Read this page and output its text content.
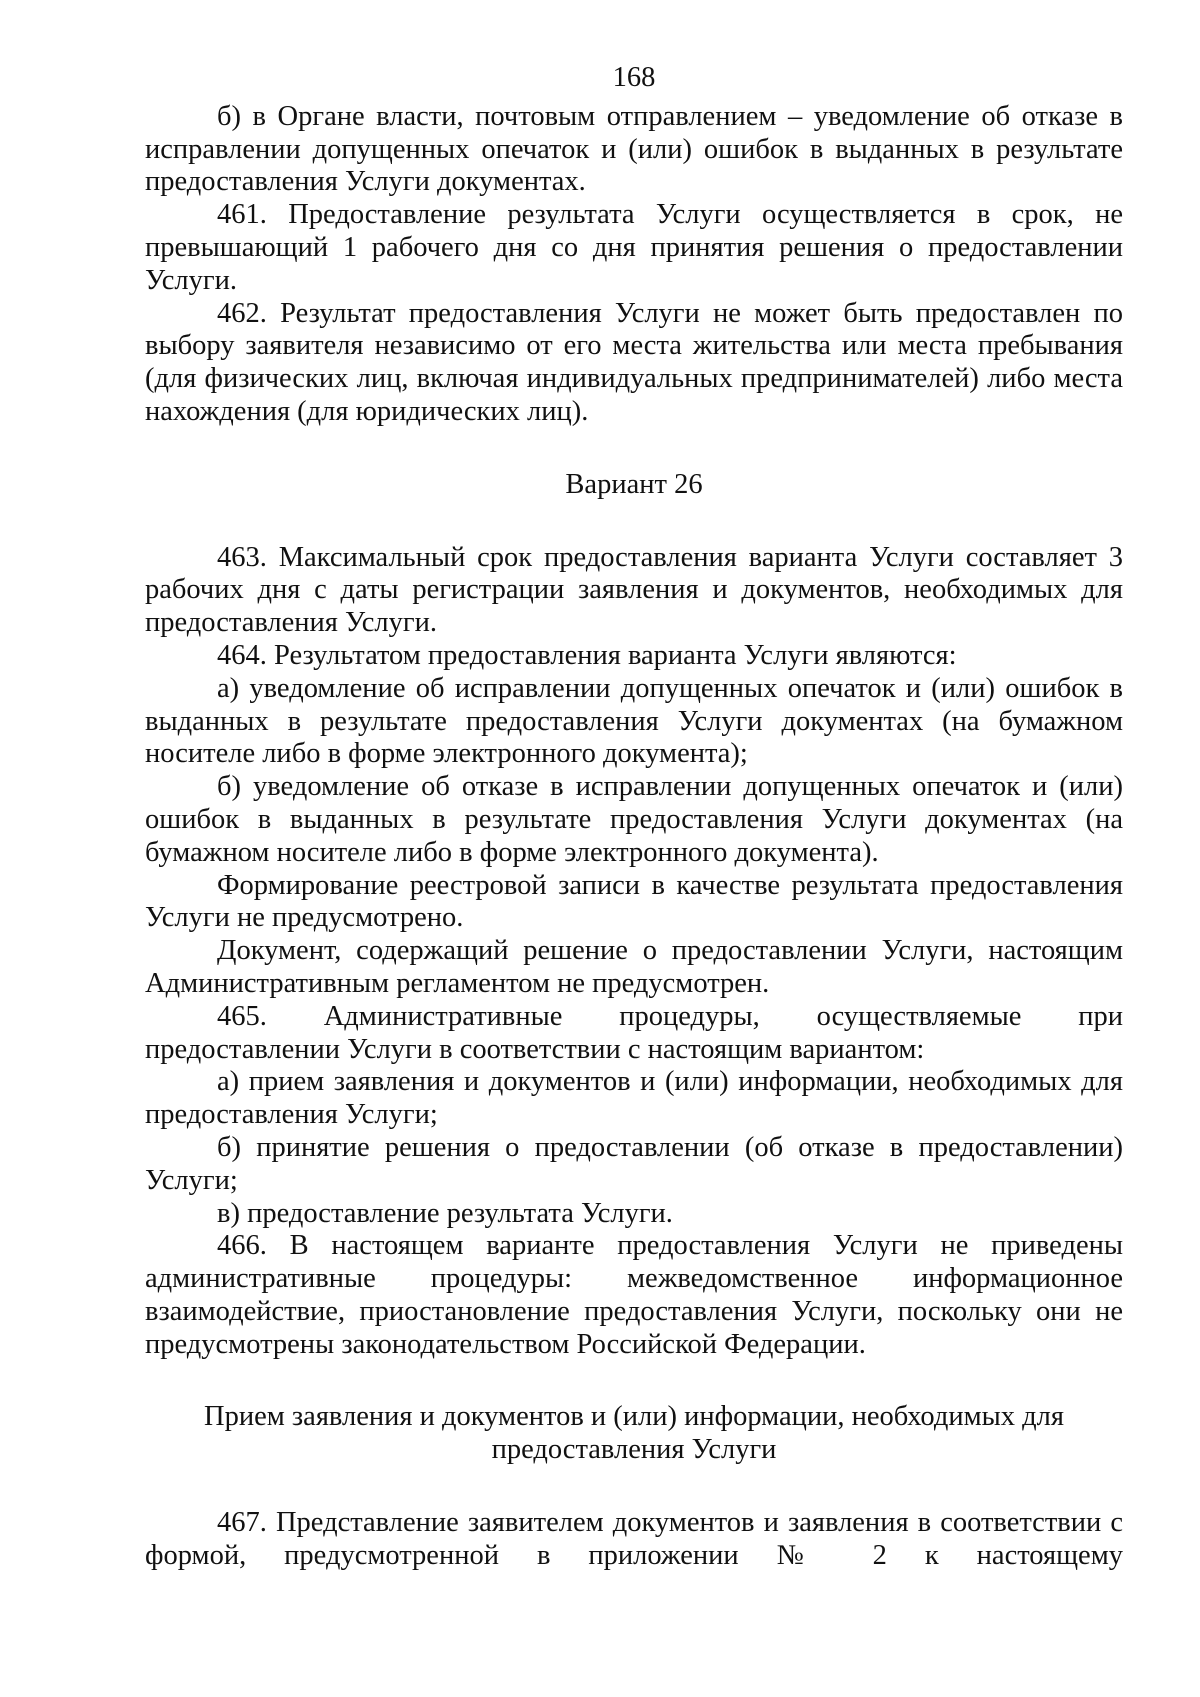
168

б) в Органе власти, почтовым отправлением – уведомление об отказе в исправлении допущенных опечаток и (или) ошибок в выданных в результате предоставления Услуги документах.

461. Предоставление результата Услуги осуществляется в срок, не превышающий 1 рабочего дня со дня принятия решения о предоставлении Услуги.

462. Результат предоставления Услуги не может быть предоставлен по выбору заявителя независимо от его места жительства или места пребывания (для физических лиц, включая индивидуальных предпринимателей) либо места нахождения (для юридических лиц).

Вариант 26

463. Максимальный срок предоставления варианта Услуги составляет 3 рабочих дня с даты регистрации заявления и документов, необходимых для предоставления Услуги.

464. Результатом предоставления варианта Услуги являются:

а) уведомление об исправлении допущенных опечаток и (или) ошибок в выданных в результате предоставления Услуги документах (на бумажном носителе либо в форме электронного документа);

б) уведомление об отказе в исправлении допущенных опечаток и (или) ошибок в выданных в результате предоставления Услуги документах (на бумажном носителе либо в форме электронного документа).

Формирование реестровой записи в качестве результата предоставления Услуги не предусмотрено.

Документ, содержащий решение о предоставлении Услуги, настоящим Административным регламентом не предусмотрен.

465. Административные процедуры, осуществляемые при предоставлении Услуги в соответствии с настоящим вариантом:

а) прием заявления и документов и (или) информации, необходимых для предоставления Услуги;

б) принятие решения о предоставлении (об отказе в предоставлении) Услуги;

в) предоставление результата Услуги.

466. В настоящем варианте предоставления Услуги не приведены административные процедуры: межведомственное информационное взаимодействие, приостановление предоставления Услуги, поскольку они не предусмотрены законодательством Российской Федерации.

Прием заявления и документов и (или) информации, необходимых для предоставления Услуги

467. Представление заявителем документов и заявления в соответствии с формой, предусмотренной в приложении № 2 к настоящему
